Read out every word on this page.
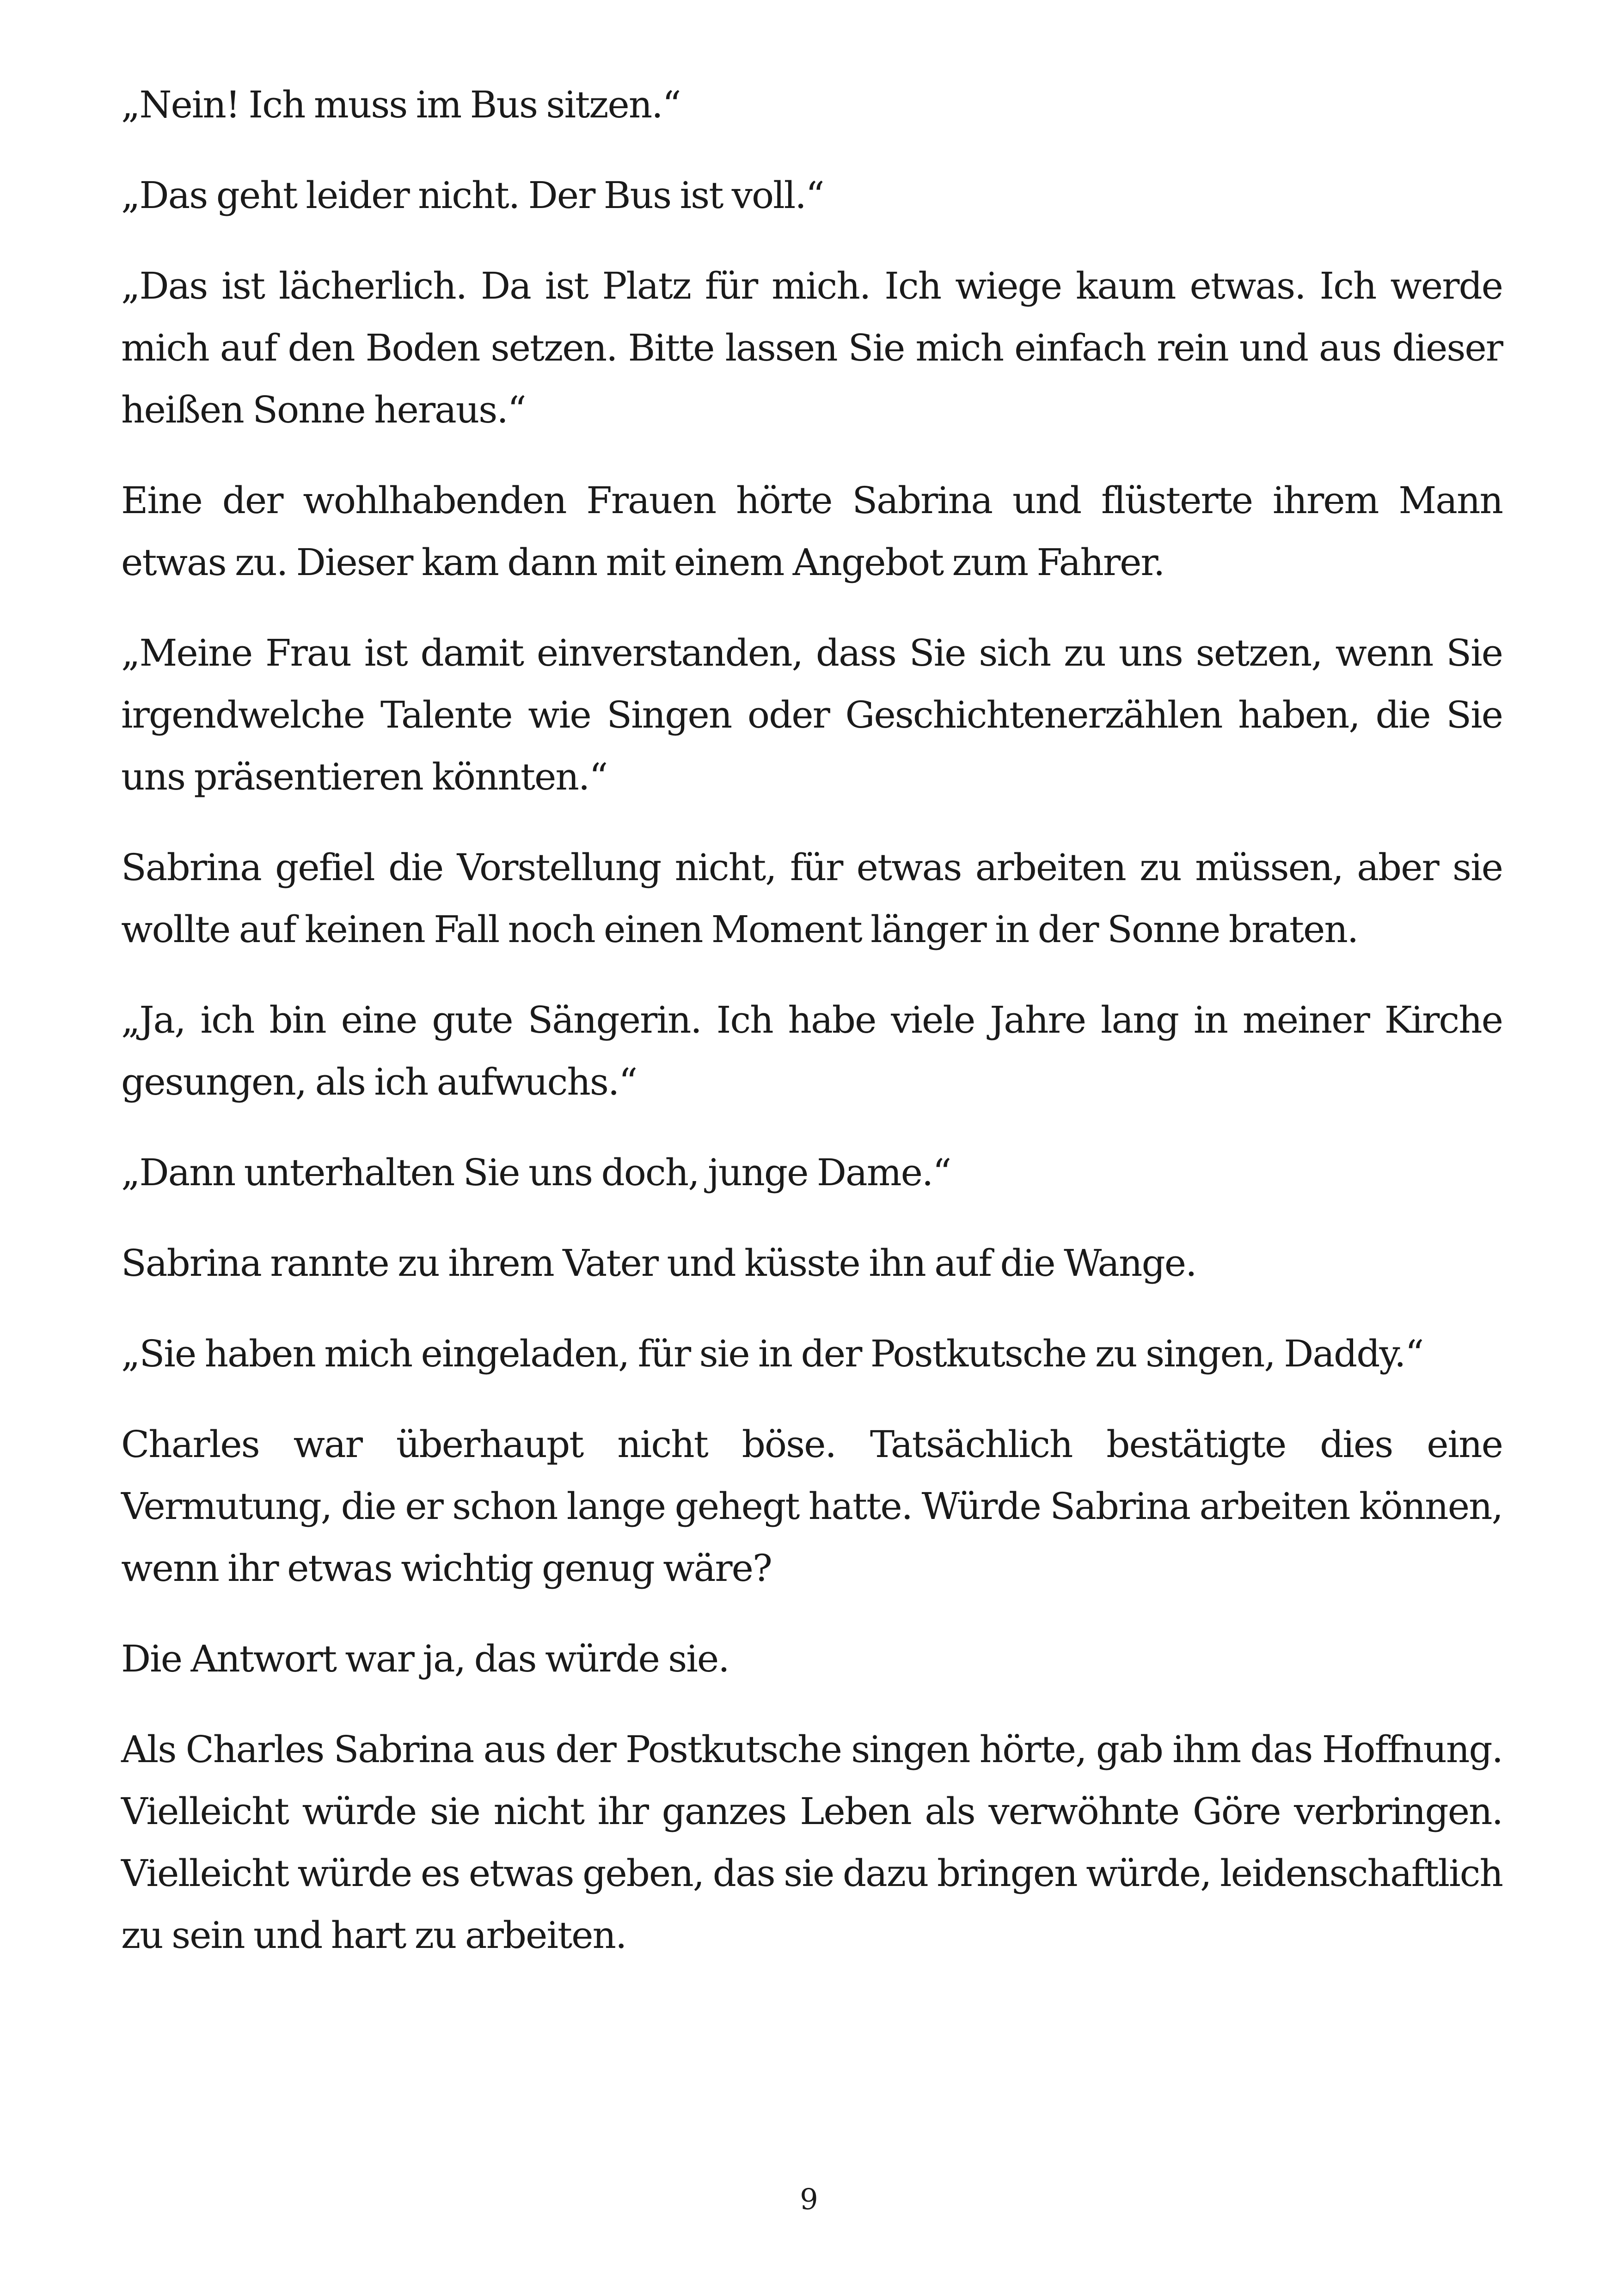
„Nein! Ich muss im Bus sitzen.“

„Das geht leider nicht. Der Bus ist voll.“

„Das ist lächerlich. Da ist Platz für mich. Ich wiege kaum etwas. Ich werde mich auf den Boden setzen. Bitte lassen Sie mich einfach rein und aus dieser heißen Sonne heraus.“

Eine der wohlhabenden Frauen hörte Sabrina und flüsterte ihrem Mann etwas zu. Dieser kam dann mit einem Angebot zum Fahrer.

„Meine Frau ist damit einverstanden, dass Sie sich zu uns setzen, wenn Sie irgendwelche Talente wie Singen oder Geschichtenerzählen haben, die Sie uns präsentieren könnten.“

Sabrina gefiel die Vorstellung nicht, für etwas arbeiten zu müssen, aber sie wollte auf keinen Fall noch einen Moment länger in der Sonne braten.

„Ja, ich bin eine gute Sängerin. Ich habe viele Jahre lang in meiner Kirche gesungen, als ich aufwuchs.“

„Dann unterhalten Sie uns doch, junge Dame.“

Sabrina rannte zu ihrem Vater und küsste ihn auf die Wange.

„Sie haben mich eingeladen, für sie in der Postkutsche zu singen, Daddy.“

Charles war überhaupt nicht böse. Tatsächlich bestätigte dies eine Vermutung, die er schon lange gehegt hatte. Würde Sabrina arbeiten können, wenn ihr etwas wichtig genug wäre?

Die Antwort war ja, das würde sie.

Als Charles Sabrina aus der Postkutsche singen hörte, gab ihm das Hoffnung. Vielleicht würde sie nicht ihr ganzes Leben als verwöhnte Göre verbringen. Vielleicht würde es etwas geben, das sie dazu bringen würde, leidenschaftlich zu sein und hart zu arbeiten.

9
